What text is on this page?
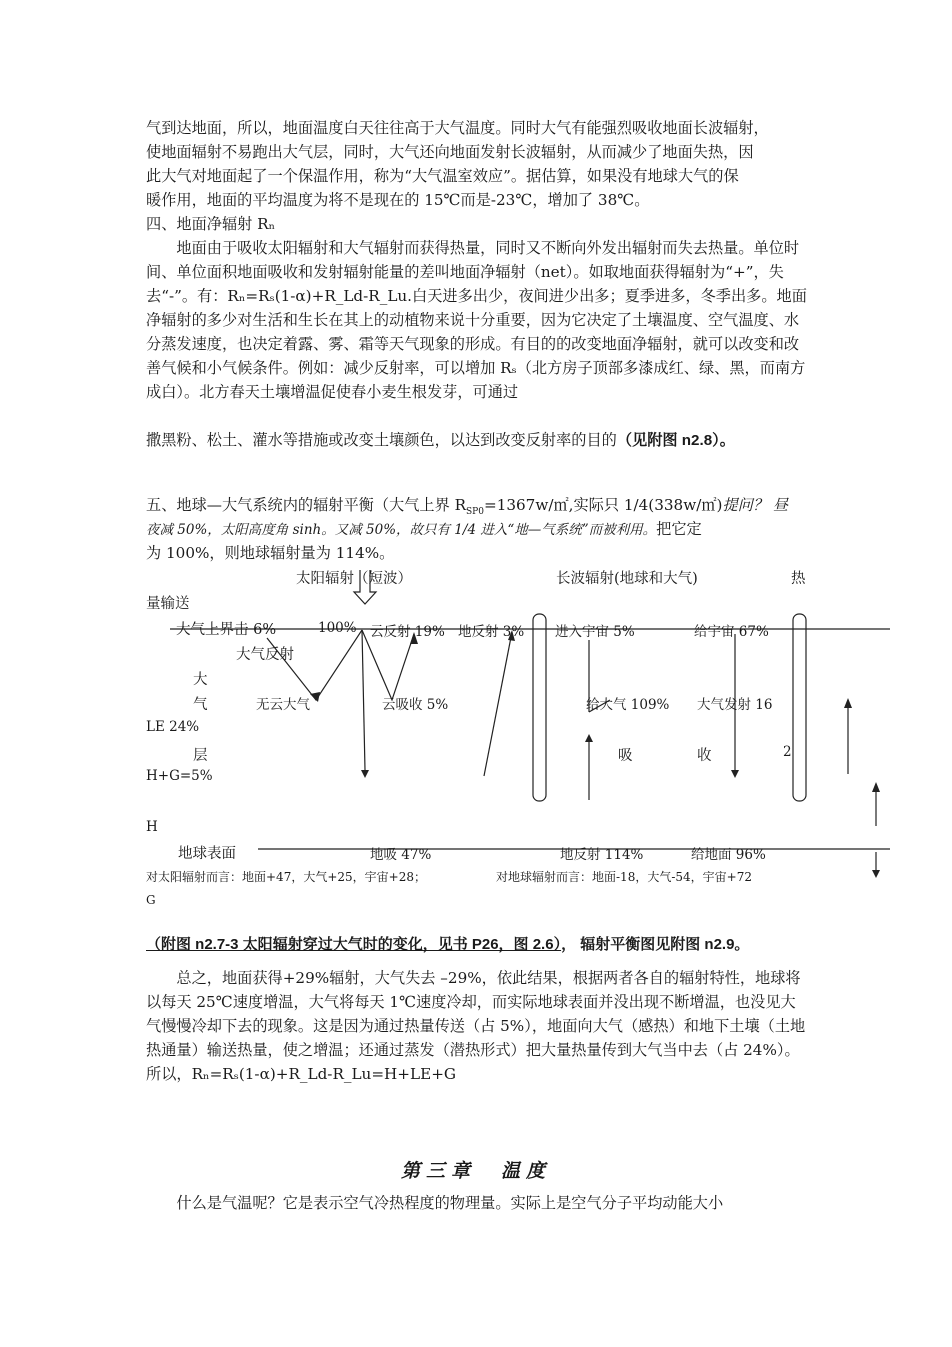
气到达地面，所以，地面温度白天往往高于大气温度。同时大气有能强烈吸收地面长波辐射，
使地面辐射不易跑出大气层，同时，大气还向地面发射长波辐射，从而减少了地面失热，因
此大气对地面起了一个保温作用，称为“大气温室效应”。据估算，如果没有地球大气的保
暖作用，地面的平均温度为将不是现在的 15℃而是-23℃，增加了 38℃。
四、地面净辐射 Rₙ
　　地面由于吸收太阳辐射和大气辐射而获得热量，同时又不断向外发出辐射而失去热量。单位时间、单位面积地面吸收和发射辐射能量的差叫地面净辐射（net）。如取地面获得辐射为“+”，失去“-”。有：Rₙ=Rₛ(1-α)+R_Ld-R_Lu.白天进多出少，夜间进少出多；夏季进多，冬季出多。地面净辐射的多少对生活和生长在其上的动植物来说十分重要，因为它决定了土壤温度、空气温度、水分蒸发速度，也决定着露、雾、霜等天气现象的形成。有目的的改变地面净辐射，就可以改变和改善气候和小气候条件。例如：减少反射率，可以增加 Rₛ（北方房子顶部多漆成红、绿、黑，而南方成白）。北方春天土壤增温促使春小麦生根发芽，可通过
撒黑粉、松土、灌水等措施或改变土壤颜色，以达到改变反射率的目的（见附图 n2.8）。
五、地球—大气系统内的辐射平衡（大气上界 $R_{SP0}=1367w/㎡$,实际只 1/4(338w/㎡)提问？ 昼
夜减 50%，太阳高度角 sinh。又减 50%，故只有 1/4 进入“地—气系统”而被利用。把它定
为 100%，则地球辐射量为 114%。
太阳辐射（短波）	长波辐射(地球和大气)	热
量输送
大气上界击 6%	100% 云反射 19% 地反射 3% 进入宇宙 5%	给宇宙 67%
大气反射
大
气	无云大气	云吸收 5%	给大气 109% 大气发射 16
LE 24%
层	吸	收	2
H+G=5%
H
地球表面	地吸 47%	地反射 114%	给地面 96%
对太阳辐射而言：地面+47，大气+25，宇宙+28；	对地球辐射而言：地面-18，大气-54，宇宙+72
G
（附图 n2.7-3 太阳辐射穿过大气时的变化，见书 P26，图 2.6）， 辐射平衡图见附图 n2.9。
　　总之，地面获得+29%辐射，大气失去 –29%，依此结果，根据两者各自的辐射特性，地球将以每天 25℃速度增温，大气将每天 1℃速度冷却，而实际地球表面并没出现不断增温，也没见大气慢慢冷却下去的现象。这是因为通过热量传送（占 5%），地面向大气（感热）和地下土壤（土地热通量）输送热量，使之增温；还通过蒸发（潜热形式）把大量热量传到大气当中去（占 24%）。所以，Rₙ=Rₛ(1-α)+R_Ld-R_Lu=H+LE+G
第三章　温度
　　什么是气温呢？它是表示空气冷热程度的物理量。实际上是空气分子平均动能大小
